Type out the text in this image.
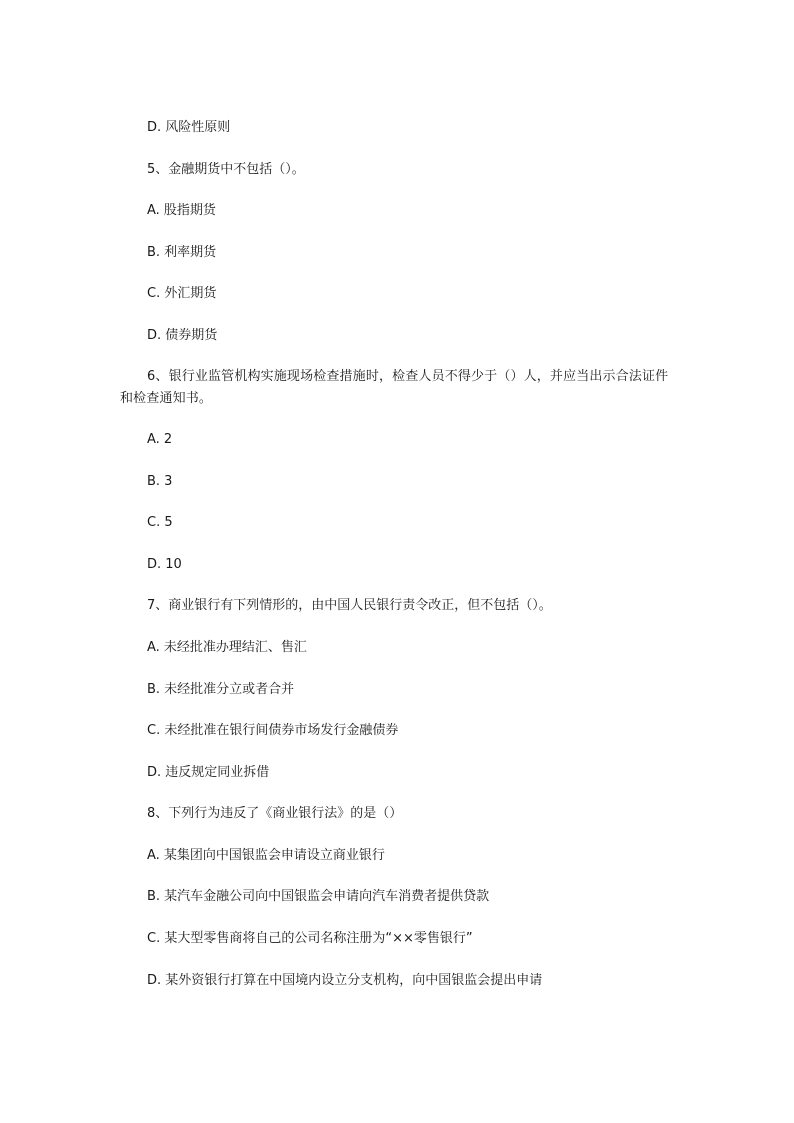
D. 风险性原则
5、金融期货中不包括（）。
A. 股指期货
B. 利率期货
C. 外汇期货
D. 债券期货
6、银行业监管机构实施现场检查措施时，检查人员不得少于（）人，并应当出示合法证件和检查通知书。
A. 2
B. 3
C. 5
D. 10
7、商业银行有下列情形的，由中国人民银行责令改正，但不包括（）。
A. 未经批准办理结汇、售汇
B. 未经批准分立或者合并
C. 未经批准在银行间债券市场发行金融债券
D. 违反规定同业拆借
8、下列行为违反了《商业银行法》的是（）
A. 某集团向中国银监会申请设立商业银行
B. 某汽车金融公司向中国银监会申请向汽车消费者提供贷款
C. 某大型零售商将自己的公司名称注册为“××零售银行”
D. 某外资银行打算在中国境内设立分支机构，向中国银监会提出申请
